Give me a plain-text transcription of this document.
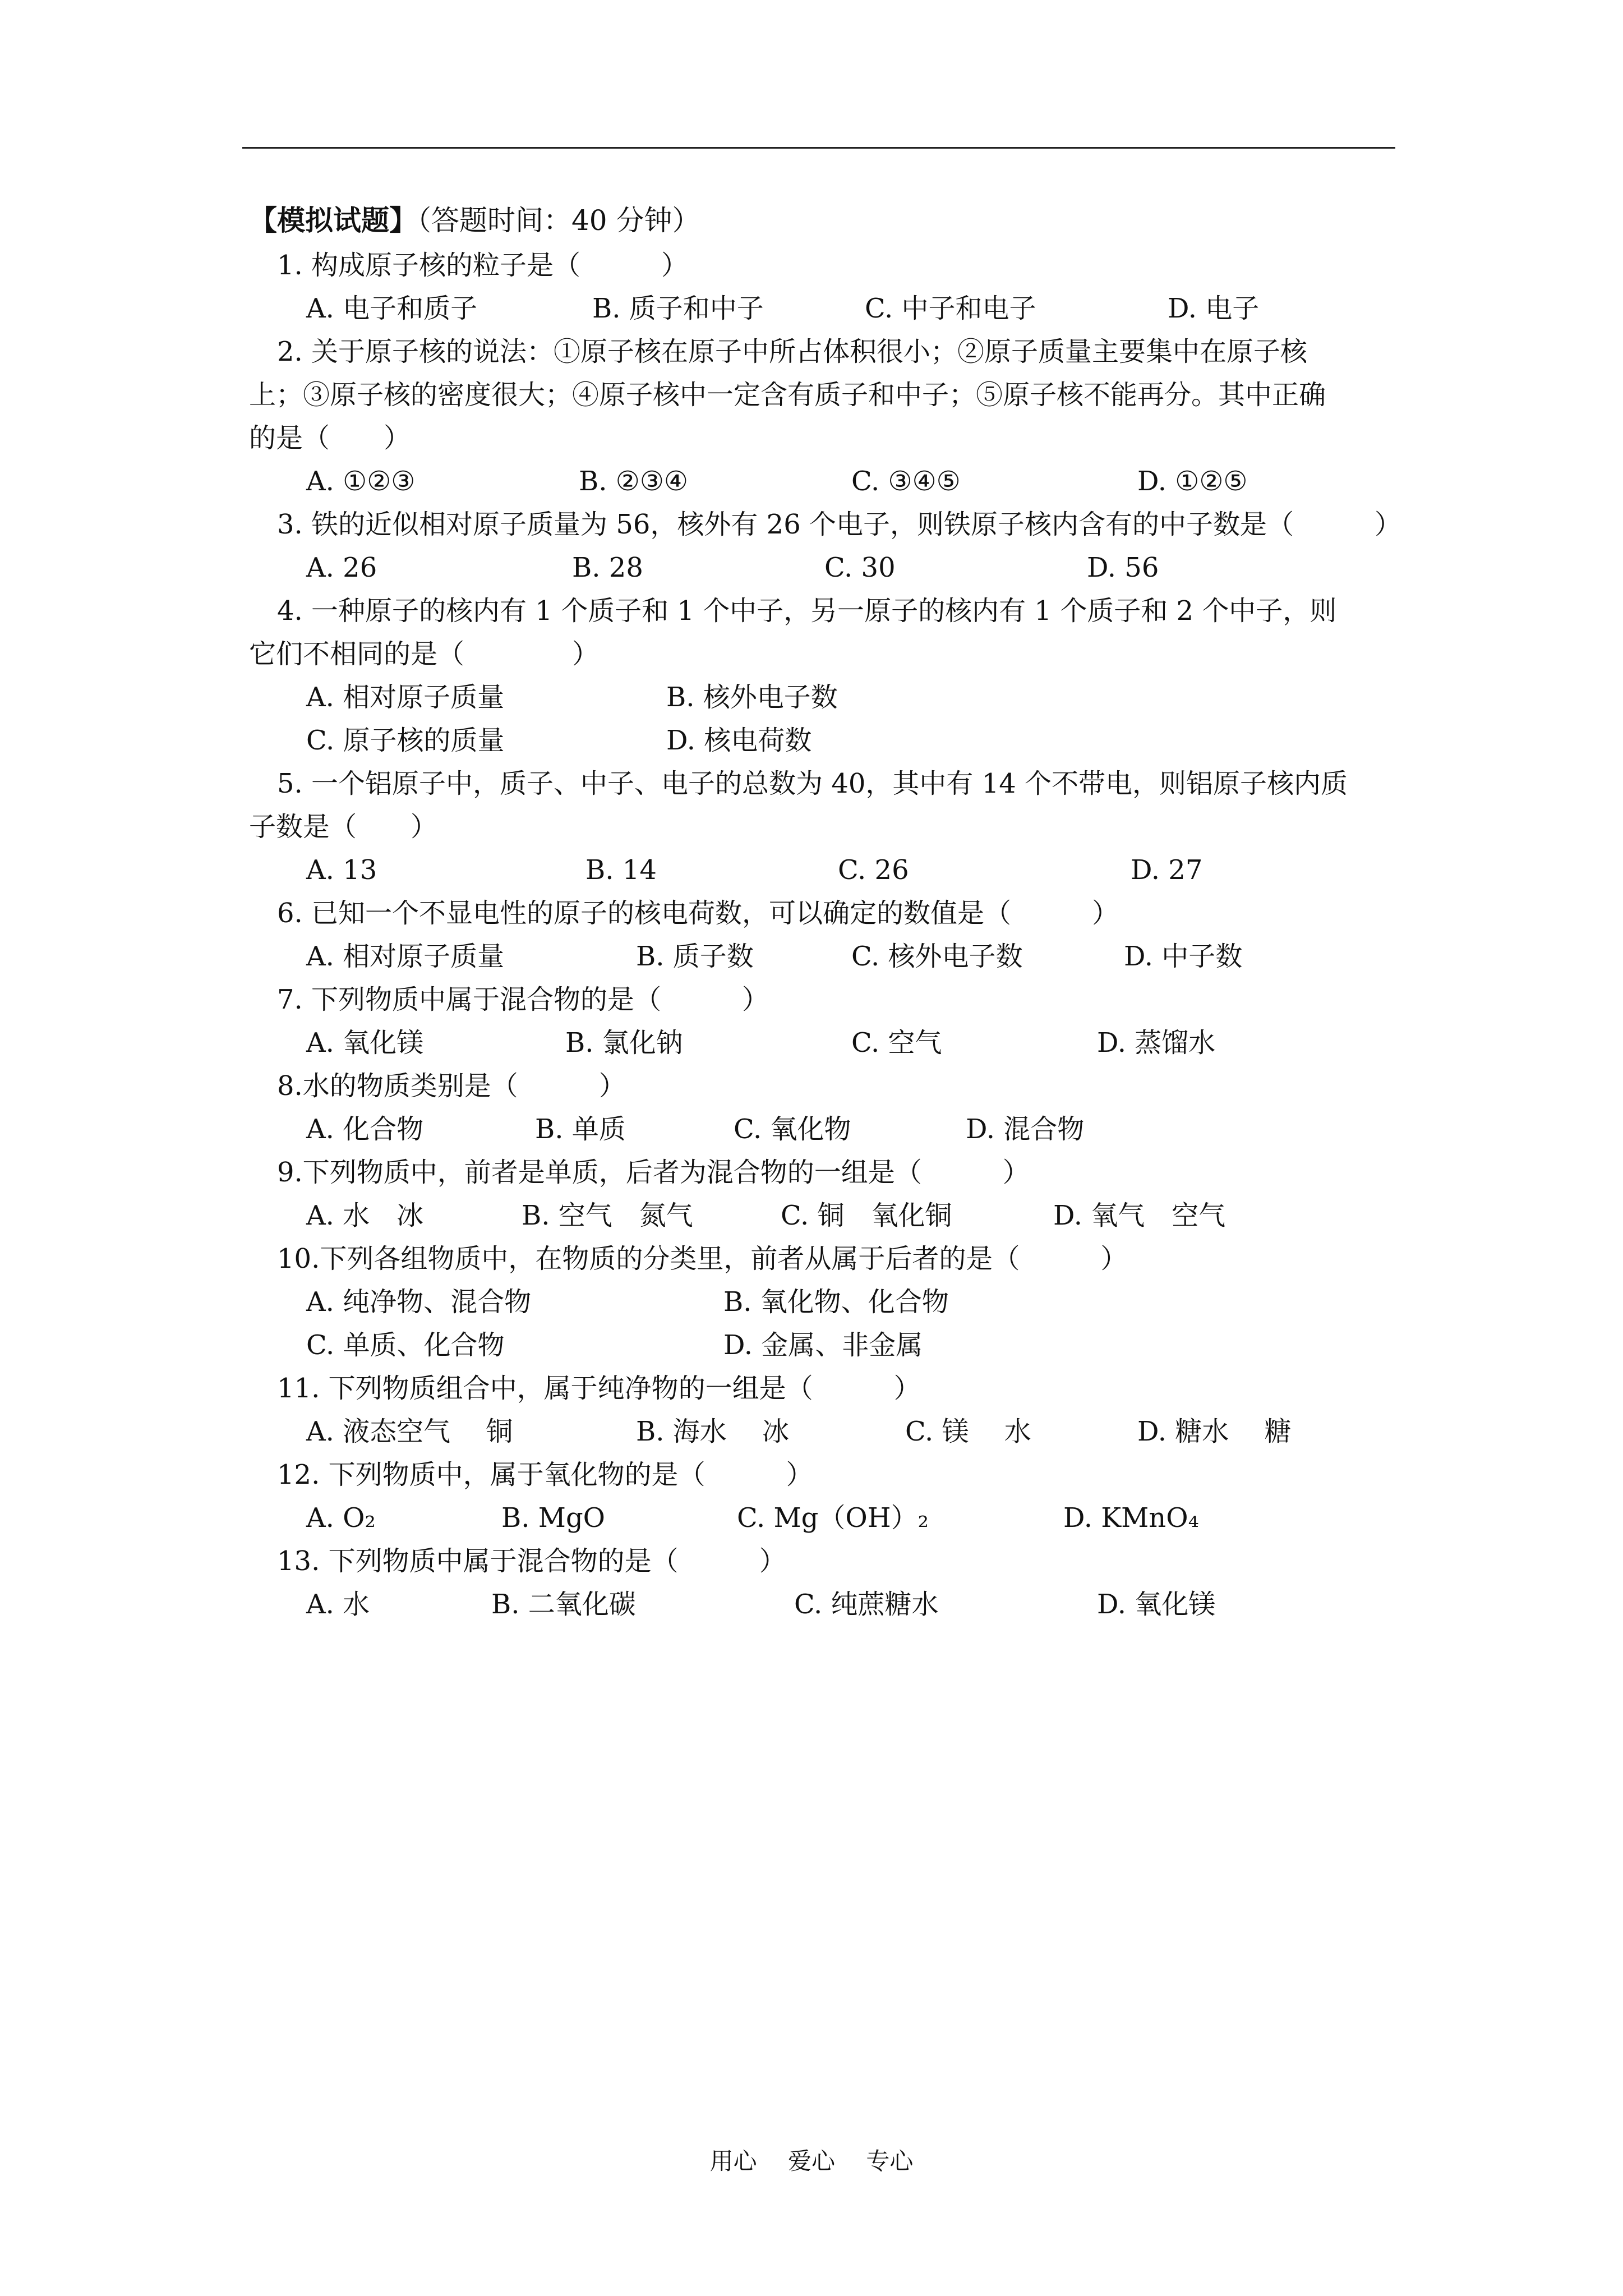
【模拟试题】（答题时间：40 分钟）
1. 构成原子核的粒子是（　　　）
A. 电子和质子	B. 质子和中子	C. 中子和电子	D. 电子
2. 关于原子核的说法：①原子核在原子中所占体积很小；②原子质量主要集中在原子核
上；③原子核的密度很大；④原子核中一定含有质子和中子；⑤原子核不能再分。其中正确
的是（　　）
A. ①②③	B. ②③④	C. ③④⑤	D. ①②⑤
3. 铁的近似相对原子质量为 56，核外有 26 个电子，则铁原子核内含有的中子数是（　　　）
A. 26	B. 28	C. 30	D. 56
4. 一种原子的核内有 1 个质子和 1 个中子，另一原子的核内有 1 个质子和 2 个中子，则
它们不相同的是（　　　　）
A. 相对原子质量	B. 核外电子数
C. 原子核的质量	D. 核电荷数
5. 一个铝原子中，质子、中子、电子的总数为 40，其中有 14 个不带电，则铝原子核内质
子数是（　　）
A. 13	B. 14	C. 26	D. 27
6. 已知一个不显电性的原子的核电荷数，可以确定的数值是（　　　）
A. 相对原子质量	B. 质子数	C. 核外电子数	D. 中子数
7. 下列物质中属于混合物的是（　　　）
A. 氧化镁	B. 氯化钠	C. 空气	D. 蒸馏水
8.水的物质类别是（　　　）
A. 化合物	B. 单质	C. 氧化物	D. 混合物
9.下列物质中，前者是单质，后者为混合物的一组是（　　　）
A. 水　冰	B. 空气　氮气	C. 铜　氧化铜	D. 氧气　空气
10.下列各组物质中，在物质的分类里，前者从属于后者的是（　　　）
A. 纯净物、混合物	B. 氧化物、化合物
C. 单质、化合物	D. 金属、非金属
11. 下列物质组合中，属于纯净物的一组是（　　　）
A. 液态空气　 铜	B. 海水　 冰	C. 镁　 水	D. 糖水　 糖
12. 下列物质中，属于氧化物的是（　　　）
A. O₂	B. MgO	C. Mg（OH）₂	D. KMnO₄
13. 下列物质中属于混合物的是（　　　）
A. 水	B. 二氧化碳	C. 纯蔗糖水	D. 氧化镁
用心　 爱心　 专心
